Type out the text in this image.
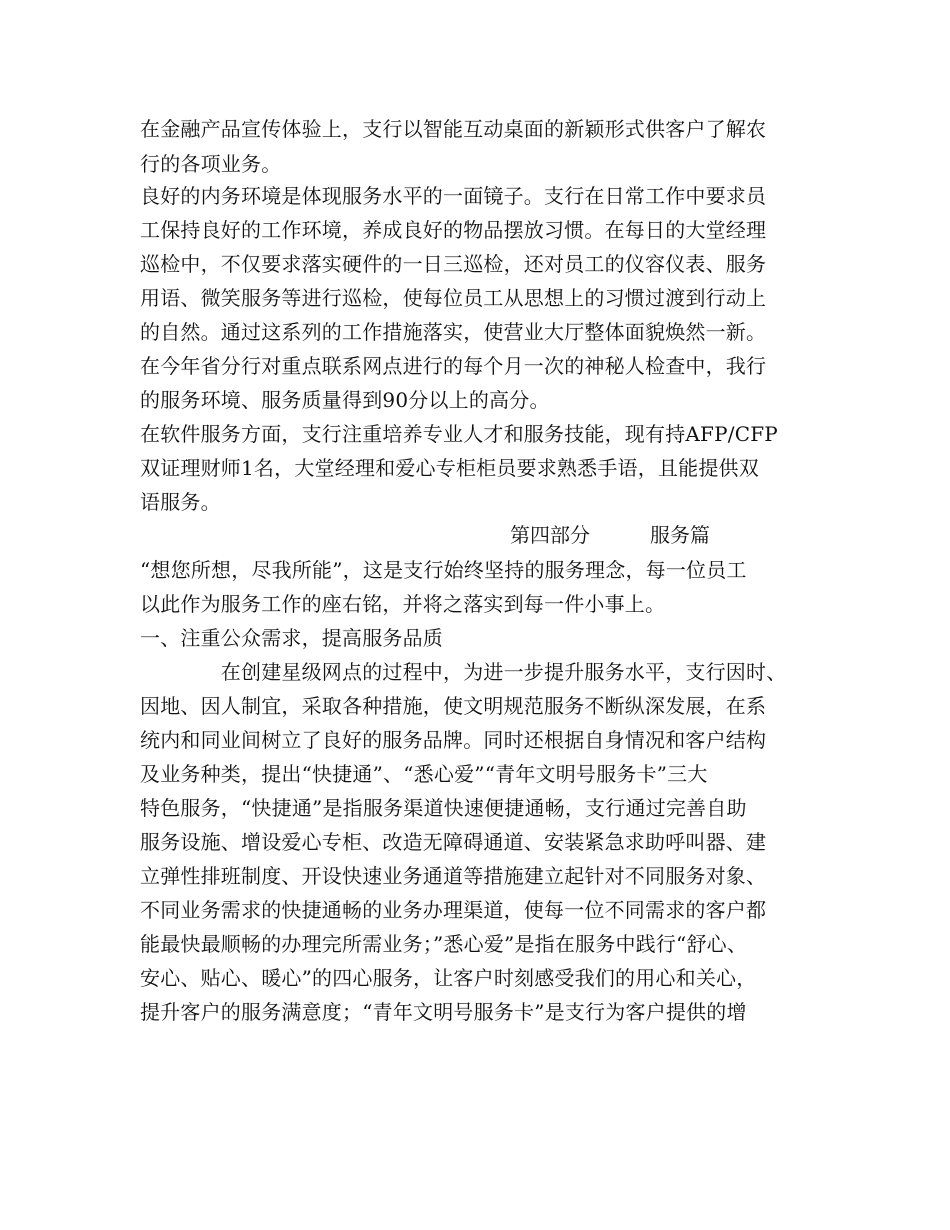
在金融产品宣传体验上，支行以智能互动桌面的新颖形式供客户了解农
行的各项业务。
良好的内务环境是体现服务水平的一面镜子。支行在日常工作中要求员
工保持良好的工作环境，养成良好的物品摆放习惯。在每日的大堂经理
巡检中，不仅要求落实硬件的一日三巡检，还对员工的仪容仪表、服务
用语、微笑服务等进行巡检，使每位员工从思想上的习惯过渡到行动上
的自然。通过这系列的工作措施落实，使营业大厅整体面貌焕然一新。
在今年省分行对重点联系网点进行的每个月一次的神秘人检查中，我行
的服务环境、服务质量得到90分以上的高分。
在软件服务方面，支行注重培养专业人才和服务技能，现有持AFP/CFP
双证理财师1名，大堂经理和爱心专柜柜员要求熟悉手语，且能提供双
语服务。
第四部分	服务篇
“想您所想，尽我所能”，这是支行始终坚持的服务理念，每一位员工
以此作为服务工作的座右铭，并将之落实到每一件小事上。
一、注重公众需求，提高服务品质
　　　　在创建星级网点的过程中，为进一步提升服务水平，支行因时、
因地、因人制宜，采取各种措施，使文明规范服务不断纵深发展，在系
统内和同业间树立了良好的服务品牌。同时还根据自身情况和客户结构
及业务种类，提出“快捷通”、“悉心爱”“青年文明号服务卡”三大
特色服务，“快捷通”是指服务渠道快速便捷通畅，支行通过完善自助
服务设施、增设爱心专柜、改造无障碍通道、安装紧急求助呼叫器、建
立弹性排班制度、开设快速业务通道等措施建立起针对不同服务对象、
不同业务需求的快捷通畅的业务办理渠道，使每一位不同需求的客户都
能最快最顺畅的办理完所需业务；”悉心爱”是指在服务中践行“舒心、
安心、贴心、暖心”的四心服务，让客户时刻感受我们的用心和关心，
提升客户的服务满意度；“青年文明号服务卡”是支行为客户提供的增
